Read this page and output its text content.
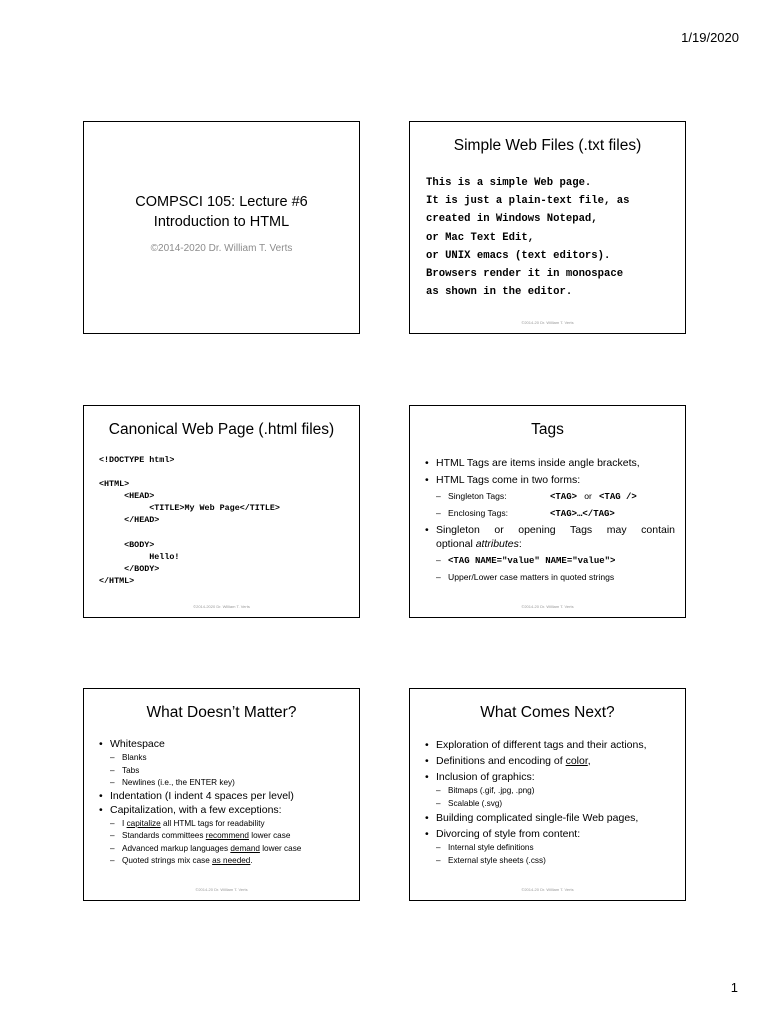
1/19/2020
COMPSCI 105: Lecture #6
Introduction to HTML
©2014-2020 Dr. William T. Verts
Simple Web Files (.txt files)
This is a simple Web page.
It is just a plain-text file, as
created in Windows Notepad,
or Mac Text Edit,
or UNIX emacs (text editors).
Browsers render it in monospace
as shown in the editor.
©2014-20 Dr. William T. Verts
Canonical Web Page (.html files)
<!DOCTYPE html>

<HTML>
<HEAD>
<TITLE>My Web Page</TITLE>
</HEAD>

<BODY>
Hello!
</BODY>
</HTML>
©2014-2020 Dr. William T. Verts
Tags
• HTML Tags are items inside angle brackets,
• HTML Tags come in two forms:
– Singleton Tags:	<TAG> or <TAG />
– Enclosing Tags:	<TAG>…</TAG>
• Singleton or opening Tags may contain
optional attributes:
– <TAG NAME="value" NAME="value">
– Upper/Lower case matters in quoted strings
©2014-20 Dr. William T. Verts
What Doesn’t Matter?
• Whitespace
– Blanks
– Tabs
– Newlines (i.e., the ENTER key)
• Indentation (I indent 4 spaces per level)
• Capitalization, with a few exceptions:
– I capitalize all HTML tags for readability
– Standards committees recommend lower case
– Advanced markup languages demand lower case
– Quoted strings mix case as needed.
©2014-20 Dr. William T. Verts
What Comes Next?
• Exploration of different tags and their actions,
• Definitions and encoding of color,
• Inclusion of graphics:
– Bitmaps (.gif, .jpg, .png)
– Scalable (.svg)
• Building complicated single-file Web pages,
• Divorcing of style from content:
– Internal style definitions
– External style sheets (.css)
©2014-20 Dr. William T. Verts
1
